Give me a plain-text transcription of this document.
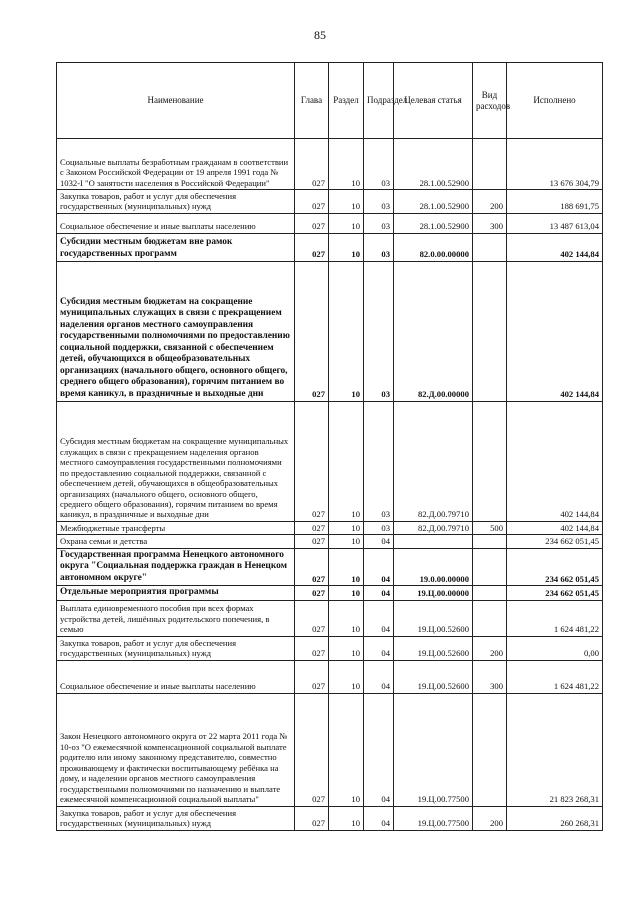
85
Наименование	Глава	Раздел	Подраздел	Целевая статья	Вид расходов	Исполнено
Социальные выплаты безработным гражданам в соответствии с Законом Российской Федерации от 19 апреля 1991 года № 1032-I "О занятости населения в Российской Федерации"	027	10	03	28.1.00.52900		13 676 304,79
Закупка товаров, работ и услуг для обеспечения государственных (муниципальных) нужд	027	10	03	28.1.00.52900	200	188 691,75
Социальное обеспечение и иные выплаты населению	027	10	03	28.1.00.52900	300	13 487 613,04
Субсидии местным бюджетам вне рамок государственных программ	027	10	03	82.0.00.00000		402 144,84
Субсидия местным бюджетам на сокращение муниципальных служащих в связи с прекращением наделения органов местного самоуправления государственными полномочиями по предоставлению социальной поддержки, связанной с обеспечением детей, обучающихся в общеобразовательных организациях (начального общего, основного общего, среднего общего образования), горячим питанием во время каникул, в праздничные и выходные дни	027	10	03	82.Д.00.00000		402 144,84
Субсидия местным бюджетам на сокращение муниципальных служащих в связи с прекращением наделения органов местного самоуправления государственными полномочиями по предоставлению социальной поддержки, связанной с обеспечением детей, обучающихся в общеобразовательных организациях (начального общего, основного общего, среднего общего образования), горячим питанием во время каникул, в праздничные и выходные дни	027	10	03	82.Д.00.79710		402 144,84
Межбюджетные трансферты	027	10	03	82.Д.00.79710	500	402 144,84
Охрана семьи и детства	027	10	04			234 662 051,45
Государственная программа Ненецкого автономного округа "Социальная поддержка граждан в Ненецком автономном округе"	027	10	04	19.0.00.00000		234 662 051,45
Отдельные мероприятия программы	027	10	04	19.Ц.00.00000		234 662 051,45
Выплата единовременного пособия при всех формах устройства детей, лишённых родительского попечения, в семью	027	10	04	19.Ц.00.52600		1 624 481,22
Закупка товаров, работ и услуг для обеспечения государственных (муниципальных) нужд	027	10	04	19.Ц.00.52600	200	0,00
Социальное обеспечение и иные выплаты населению	027	10	04	19.Ц.00.52600	300	1 624 481,22
Закон Ненецкого автономного округа от 22 марта 2011 года № 10-оз "О ежемесячной компенсационной социальной выплате родителю или иному законному представителю, совместно проживающему и фактически воспитывающему ребёнка на дому, и наделении органов местного самоуправления государственными полномочиями по назначению и выплате ежемесячной компенсационной социальной выплаты"	027	10	04	19.Ц.00.77500		21 823 268,31
Закупка товаров, работ и услуг для обеспечения государственных (муниципальных) нужд	027	10	04	19.Ц.00.77500	200	260 268,31
